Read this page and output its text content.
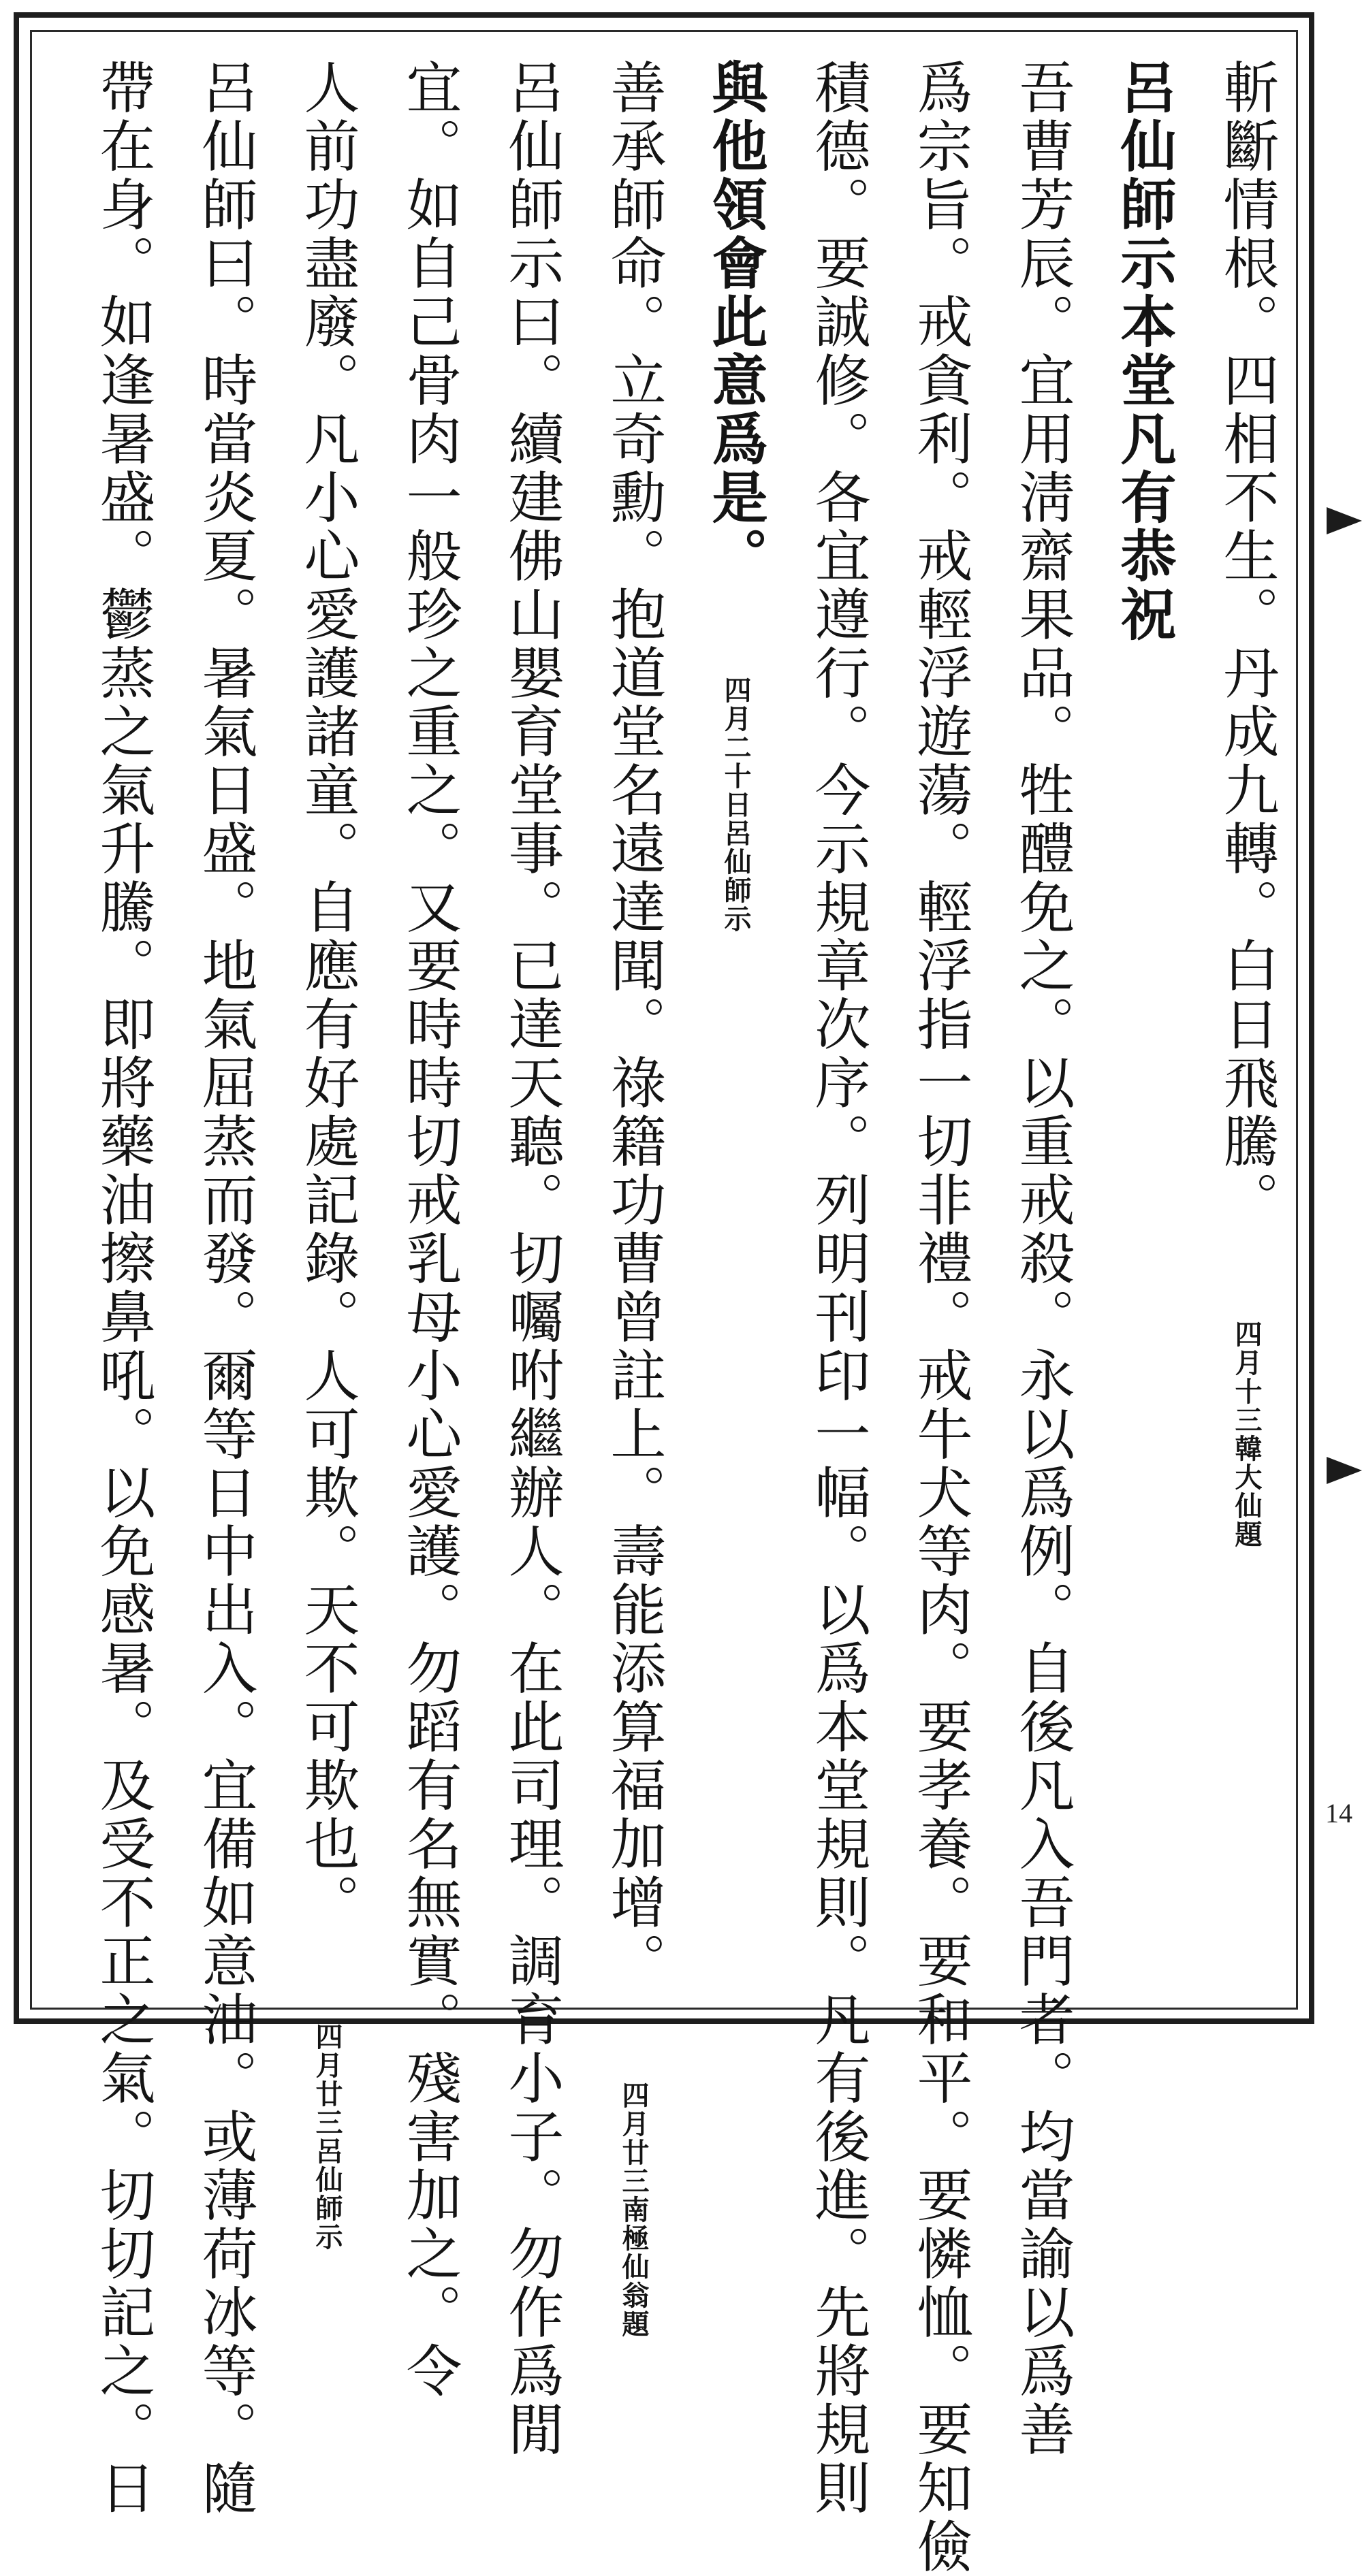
斬斷情根。四相不生。丹成九轉。白日飛騰。 四月十三韓大仙題
呂仙師示本堂凡有恭祝
吾曹芳辰。宜用淸齋果品。牲醴免之。以重戒殺。永以爲例。自後凡入吾門者。均當諭以爲善
爲宗旨。戒貪利。戒輕浮遊蕩。輕浮指一切非禮。戒牛犬等肉。要孝養。要和平。要憐恤。要知儉
積德。要誠修。各宜遵行。今示規章次序。列明刊印一幅。以爲本堂規則。凡有後進。先將規則
與他領會此意爲是。 四月二十日呂仙師示
善承師命。立奇勳。抱道堂名遠達聞。祿籍功曹曾註上。壽能添算福加增。 四月廿三南極仙翁題
呂仙師示曰。續建佛山嬰育堂事。已達天聽。切囑咐繼辦人。在此司理。調育小子。勿作爲閒
宜。如自己骨肉一般珍之重之。又要時時切戒乳母小心愛護。勿蹈有名無實。殘害加之。令
人前功盡廢。凡小心愛護諸童。自應有好處記錄。人可欺。天不可欺也。 四月廿三呂仙師示
呂仙師曰。時當炎夏。暑氣日盛。地氣屈蒸而發。爾等日中出入。宜備如意油。或薄荷冰等。隨
帶在身。如逢暑盛。鬱蒸之氣升騰。即將藥油擦鼻吼。以免感暑。及受不正之氣。切切記之。日	14
